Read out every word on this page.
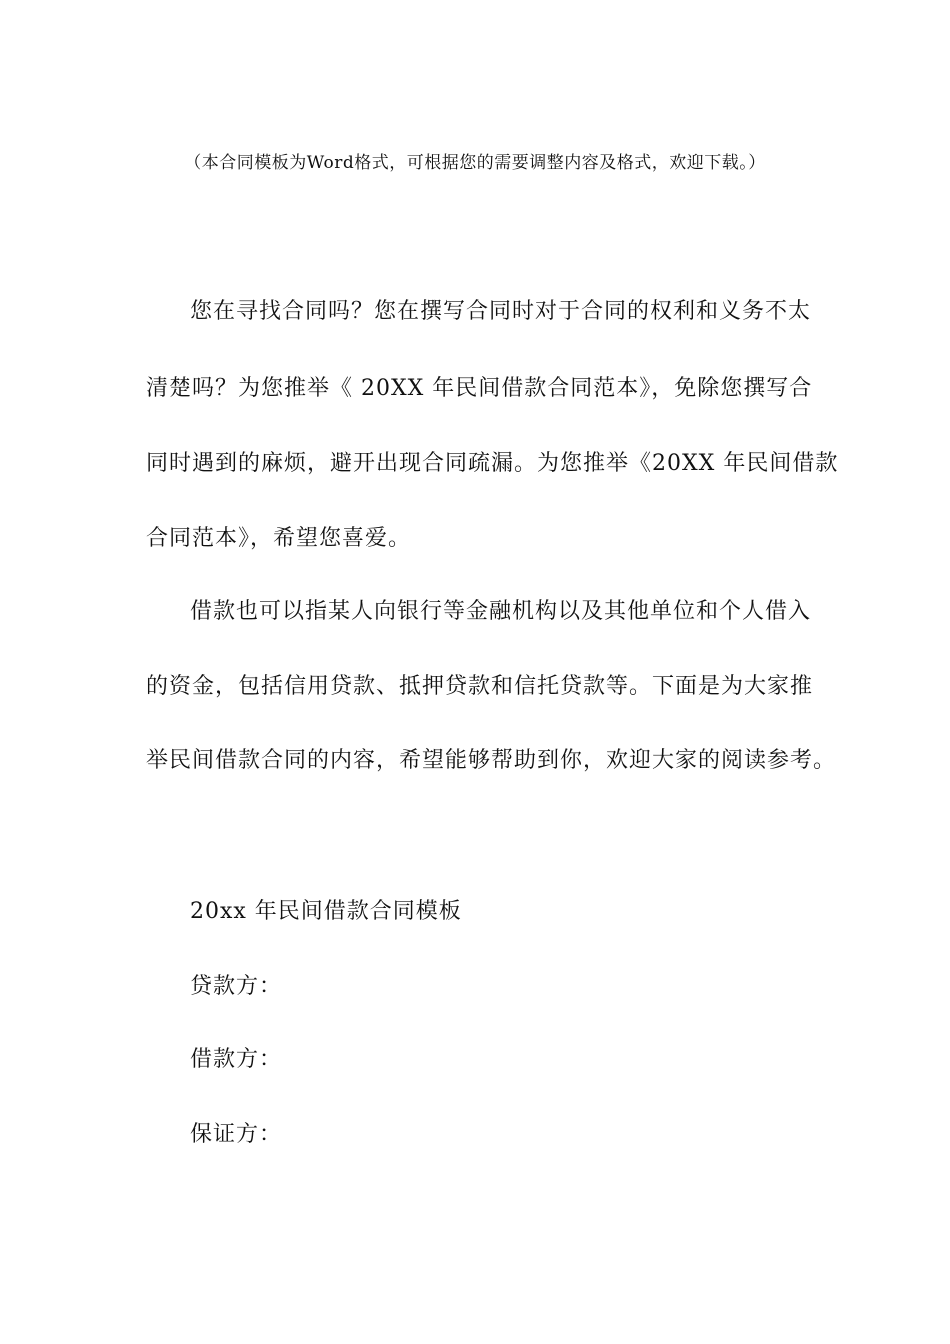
（本合同模板为Word格式，可根据您的需要调整内容及格式，欢迎下载。）
您在寻找合同吗？您在撰写合同时对于合同的权利和义务不太
清楚吗？为您推举《 20XX 年民间借款合同范本》，免除您撰写合
同时遇到的麻烦，避开出现合同疏漏。为您推举《20XX 年民间借款
合同范本》，希望您喜爱。
借款也可以指某人向银行等金融机构以及其他单位和个人借入
的资金，包括信用贷款、抵押贷款和信托贷款等。下面是为大家推
举民间借款合同的内容，希望能够帮助到你，欢迎大家的阅读参考。
20xx 年民间借款合同模板
贷款方：
借款方：
保证方：
